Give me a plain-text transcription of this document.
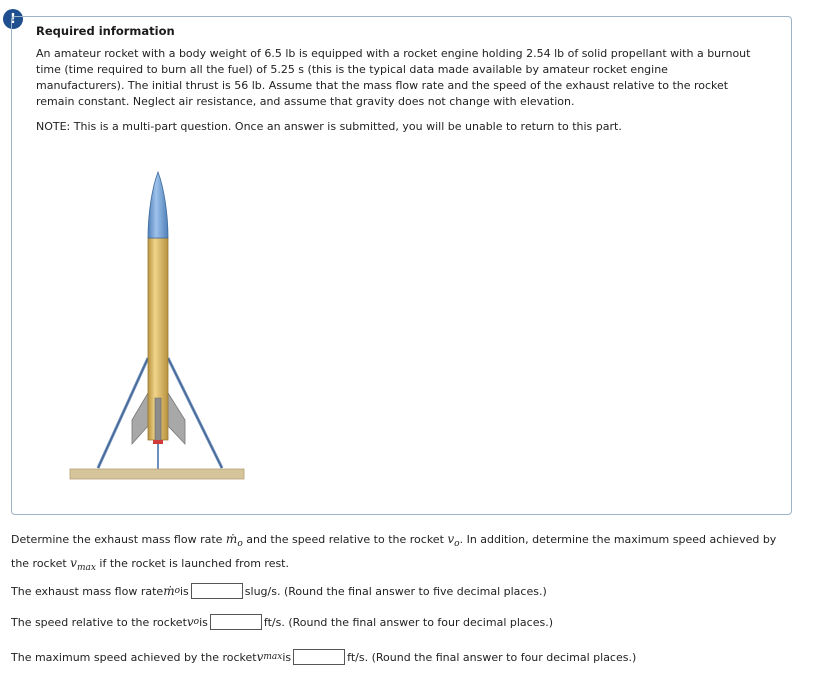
!
Required information

An amateur rocket with a body weight of 6.5 lb is equipped with a rocket engine holding 2.54 lb of solid propellant with a burnout time (time required to burn all the fuel) of 5.25 s (this is the typical data made available by amateur rocket engine manufacturers). The initial thrust is 56 lb. Assume that the mass flow rate and the speed of the exhaust relative to the rocket remain constant. Neglect air resistance, and assume that gravity does not change with elevation.

NOTE: This is a multi-part question. Once an answer is submitted, you will be unable to return to this part.

Determine the exhaust mass flow rate ṁ$_o$ and the speed relative to the rocket $v_o$. In addition, determine the maximum speed achieved by the rocket $v_{max}$ if the rocket is launched from rest.

The exhaust mass flow rate ṁ o is	slug/s. (Round the final answer to five decimal places.)
The speed relative to the rocket v o is	ft/s. (Round the final answer to four decimal places.)
The maximum speed achieved by the rocket v max is	ft/s. (Round the final answer to four decimal places.)
